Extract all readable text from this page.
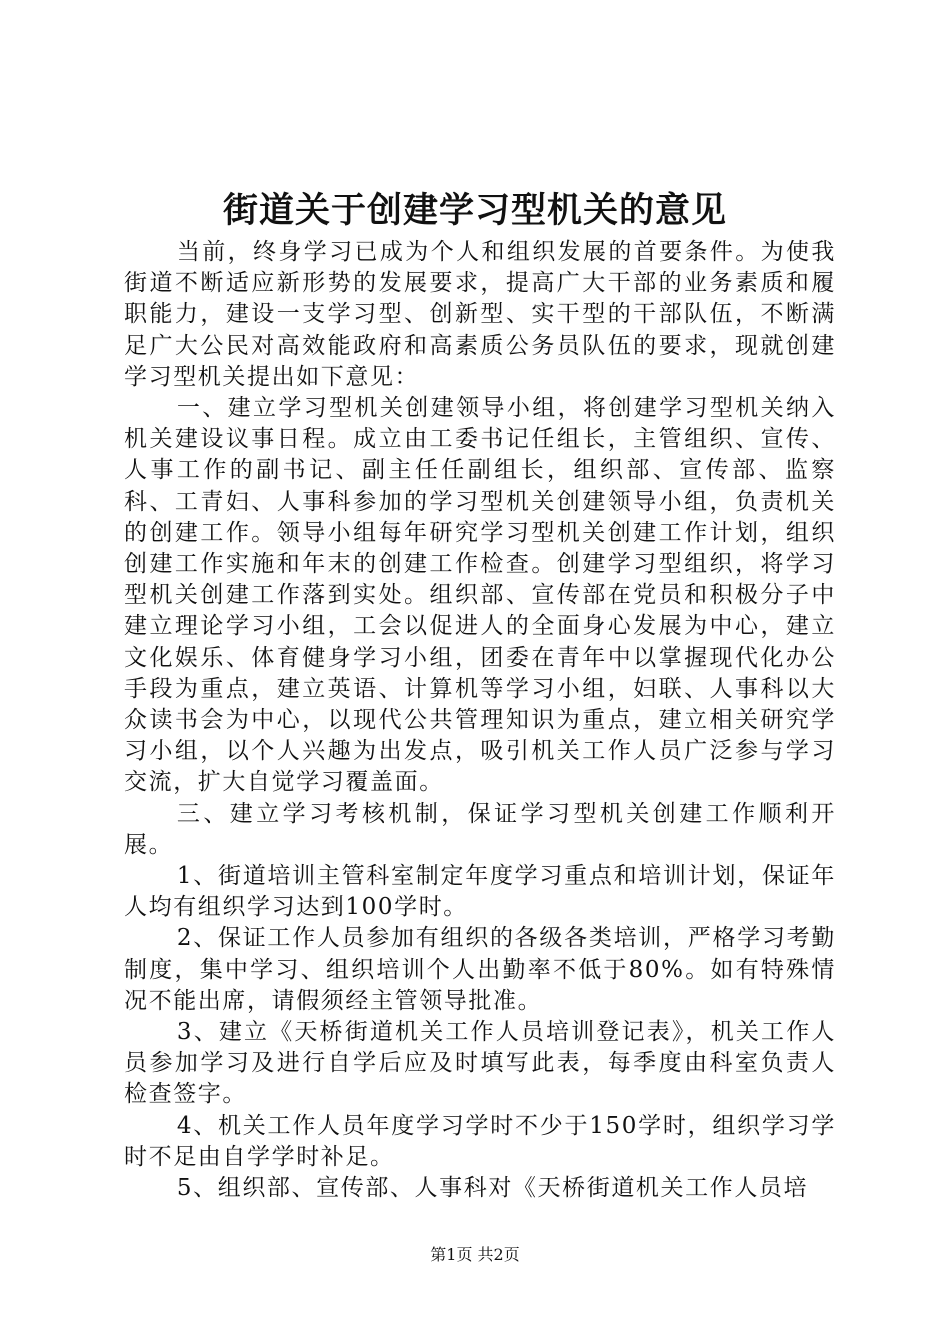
街道关于创建学习型机关的意见

当前，终身学习已成为个人和组织发展的首要条件。为使我街道不断适应新形势的发展要求，提高广大干部的业务素质和履职能力，建设一支学习型、创新型、实干型的干部队伍，不断满足广大公民对高效能政府和高素质公务员队伍的要求，现就创建学习型机关提出如下意见：

一、建立学习型机关创建领导小组，将创建学习型机关纳入机关建设议事日程。成立由工委书记任组长，主管组织、宣传、人事工作的副书记、副主任任副组长，组织部、宣传部、监察科、工青妇、人事科参加的学习型机关创建领导小组，负责机关的创建工作。领导小组每年研究学习型机关创建工作计划，组织创建工作实施和年末的创建工作检查。创建学习型组织，将学习型机关创建工作落到实处。组织部、宣传部在党员和积极分子中建立理论学习小组，工会以促进人的全面身心发展为中心，建立文化娱乐、体育健身学习小组，团委在青年中以掌握现代化办公手段为重点，建立英语、计算机等学习小组，妇联、人事科以大众读书会为中心，以现代公共管理知识为重点，建立相关研究学习小组，以个人兴趣为出发点，吸引机关工作人员广泛参与学习交流，扩大自觉学习覆盖面。

三、建立学习考核机制，保证学习型机关创建工作顺利开展。

1、街道培训主管科室制定年度学习重点和培训计划，保证年人均有组织学习达到100学时。

2、保证工作人员参加有组织的各级各类培训，严格学习考勤制度，集中学习、组织培训个人出勤率不低于80%。如有特殊情况不能出席，请假须经主管领导批准。

3、建立《天桥街道机关工作人员培训登记表》，机关工作人员参加学习及进行自学后应及时填写此表，每季度由科室负责人检查签字。

4、机关工作人员年度学习学时不少于150学时，组织学习学时不足由自学学时补足。

5、组织部、宣传部、人事科对《天桥街道机关工作人员培

第1页 共2页
